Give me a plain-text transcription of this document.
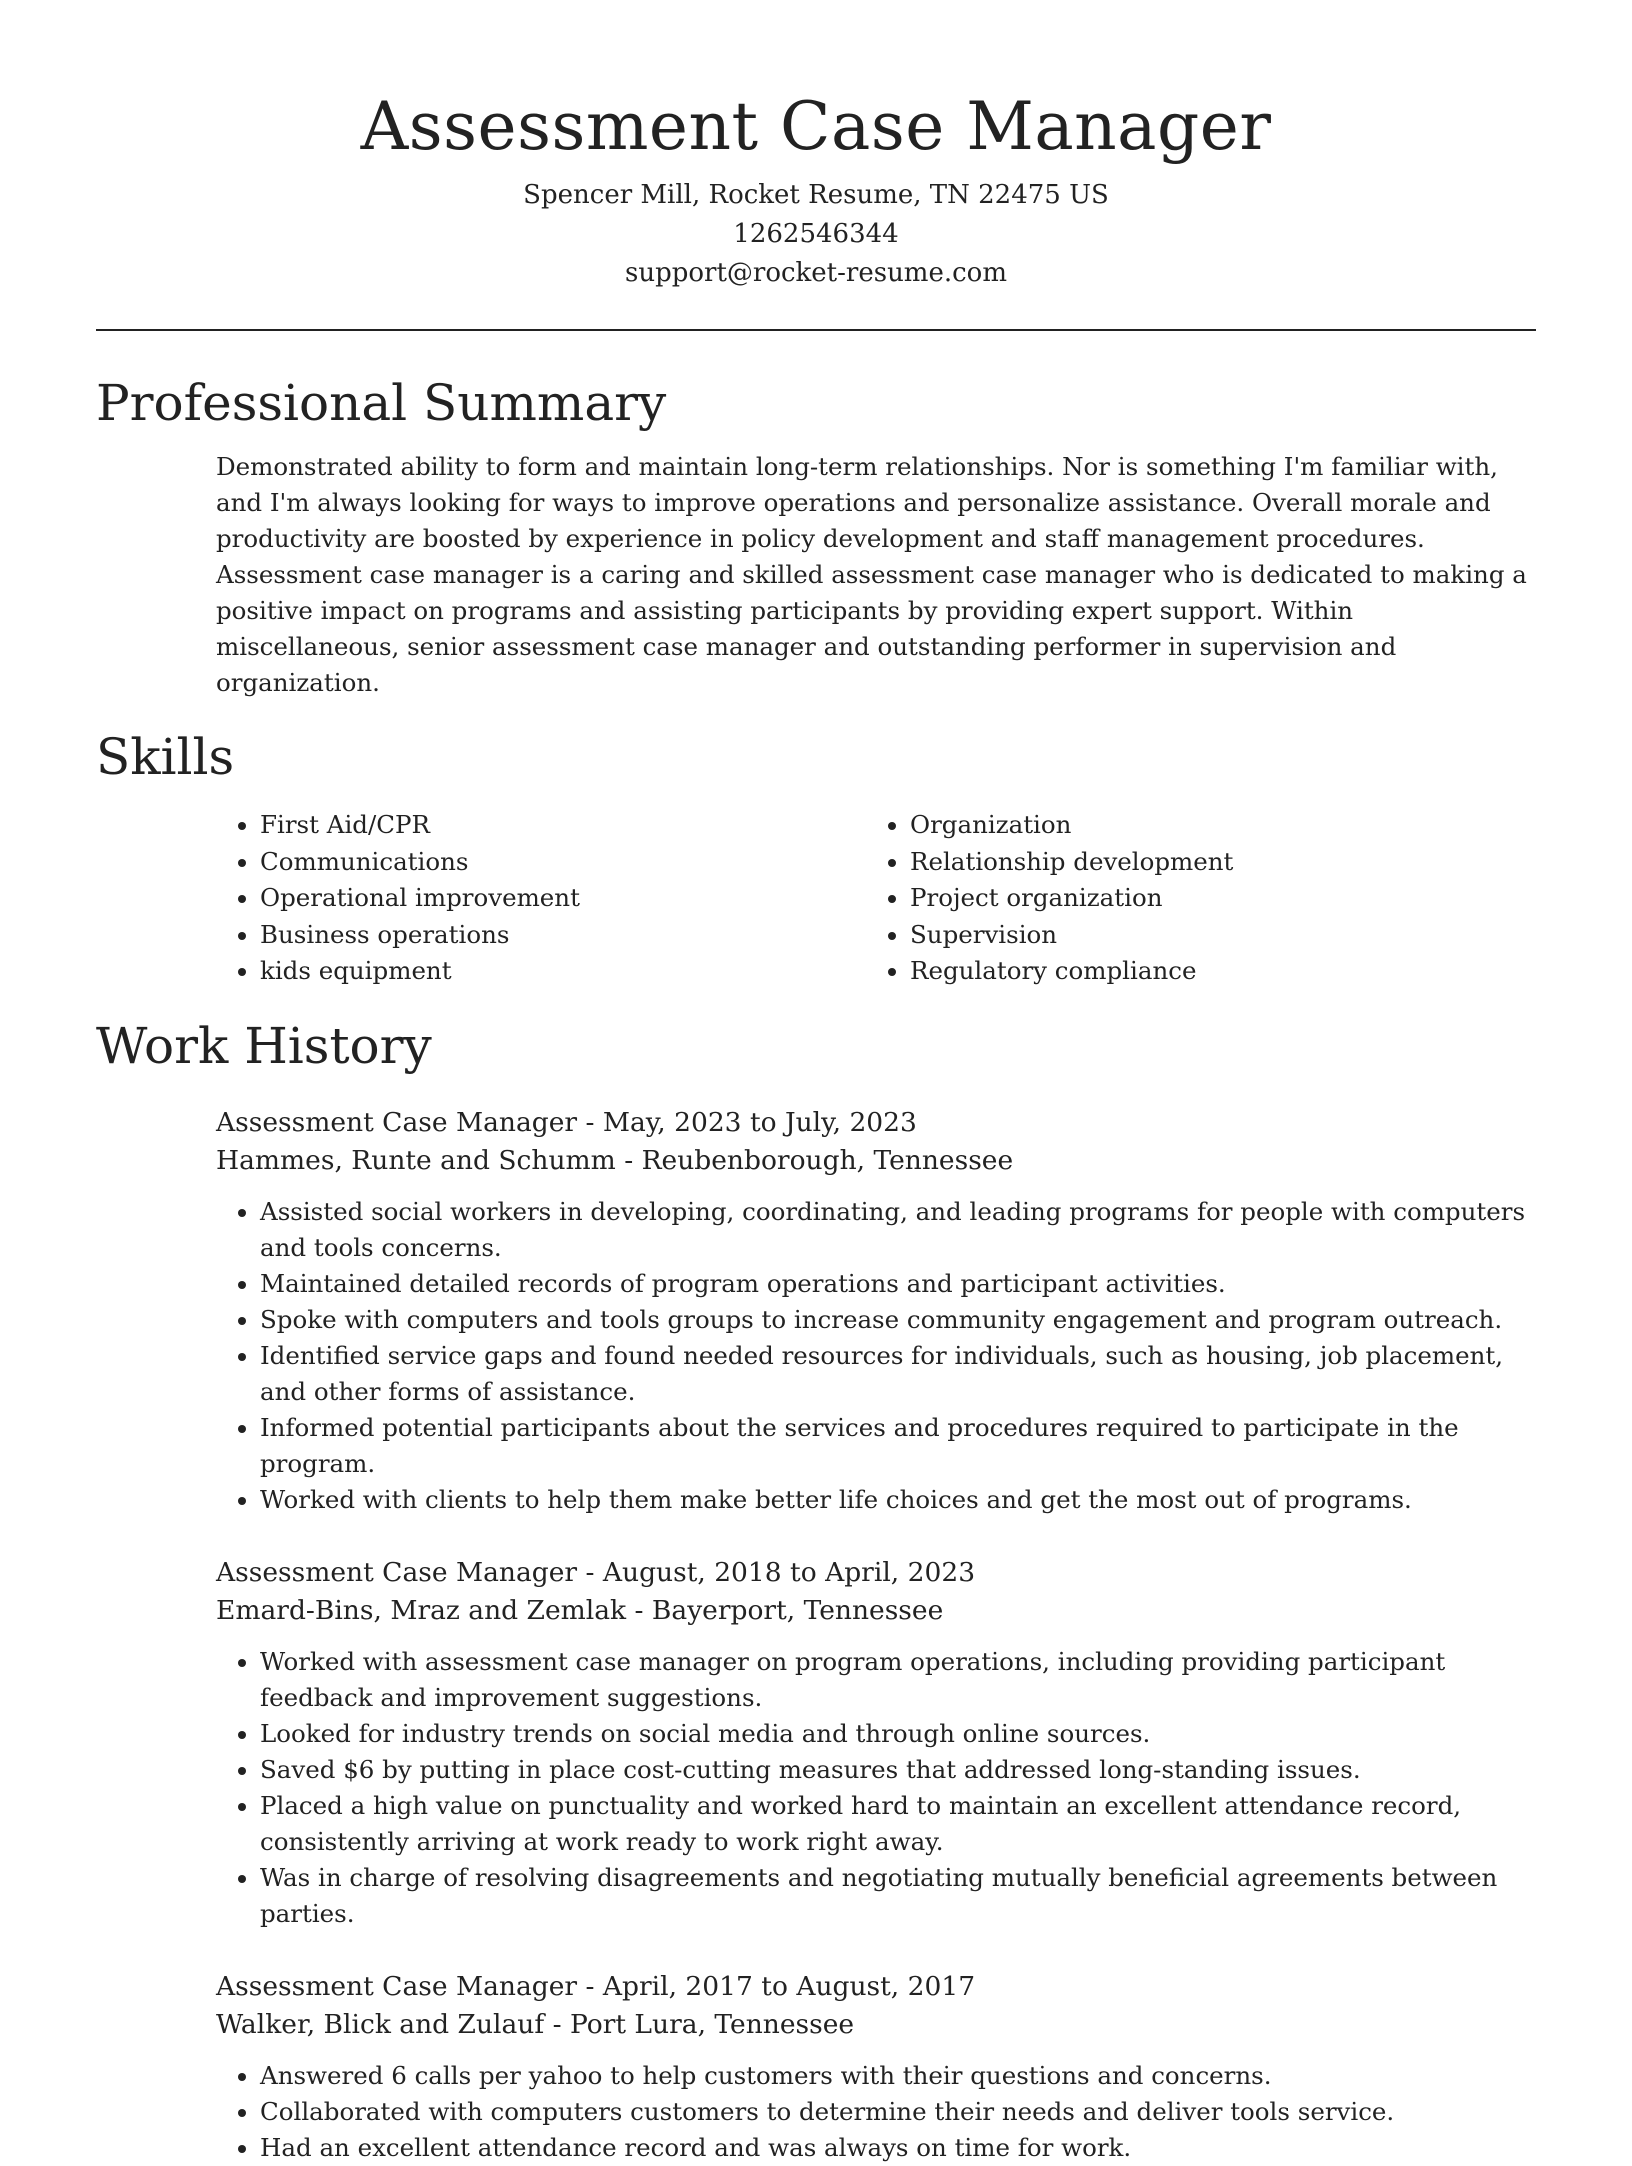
Assessment Case Manager
Spencer Mill, Rocket Resume, TN 22475 US
1262546344
support@rocket-resume.com
Professional Summary

Demonstrated ability to form and maintain long-term relationships. Nor is something I'm familiar with, and I'm always looking for ways to improve operations and personalize assistance. Overall morale and productivity are boosted by experience in policy development and staff management procedures. Assessment case manager is a caring and skilled assessment case manager who is dedicated to making a positive impact on programs and assisting participants by providing expert support. Within miscellaneous, senior assessment case manager and outstanding performer in supervision and organization.

Skills
• First Aid/CPR
• Communications
• Operational improvement
• Business operations
• kids equipment
• Organization
• Relationship development
• Project organization
• Supervision
• Regulatory compliance
Work History
Assessment Case Manager - May, 2023 to July, 2023
Hammes, Runte and Schumm - Reubenborough, Tennessee
• Assisted social workers in developing, coordinating, and leading programs for people with computers and tools concerns.
• Maintained detailed records of program operations and participant activities.
• Spoke with computers and tools groups to increase community engagement and program outreach.
• Identified service gaps and found needed resources for individuals, such as housing, job placement, and other forms of assistance.
• Informed potential participants about the services and procedures required to participate in the program.
• Worked with clients to help them make better life choices and get the most out of programs.
Assessment Case Manager - August, 2018 to April, 2023
Emard-Bins, Mraz and Zemlak - Bayerport, Tennessee
• Worked with assessment case manager on program operations, including providing participant feedback and improvement suggestions.
• Looked for industry trends on social media and through online sources.
• Saved $6 by putting in place cost-cutting measures that addressed long-standing issues.
• Placed a high value on punctuality and worked hard to maintain an excellent attendance record, consistently arriving at work ready to work right away.
• Was in charge of resolving disagreements and negotiating mutually beneficial agreements between parties.
Assessment Case Manager - April, 2017 to August, 2017
Walker, Blick and Zulauf - Port Lura, Tennessee
• Answered 6 calls per yahoo to help customers with their questions and concerns.
• Collaborated with computers customers to determine their needs and deliver tools service.
• Had an excellent attendance record and was always on time for work.
